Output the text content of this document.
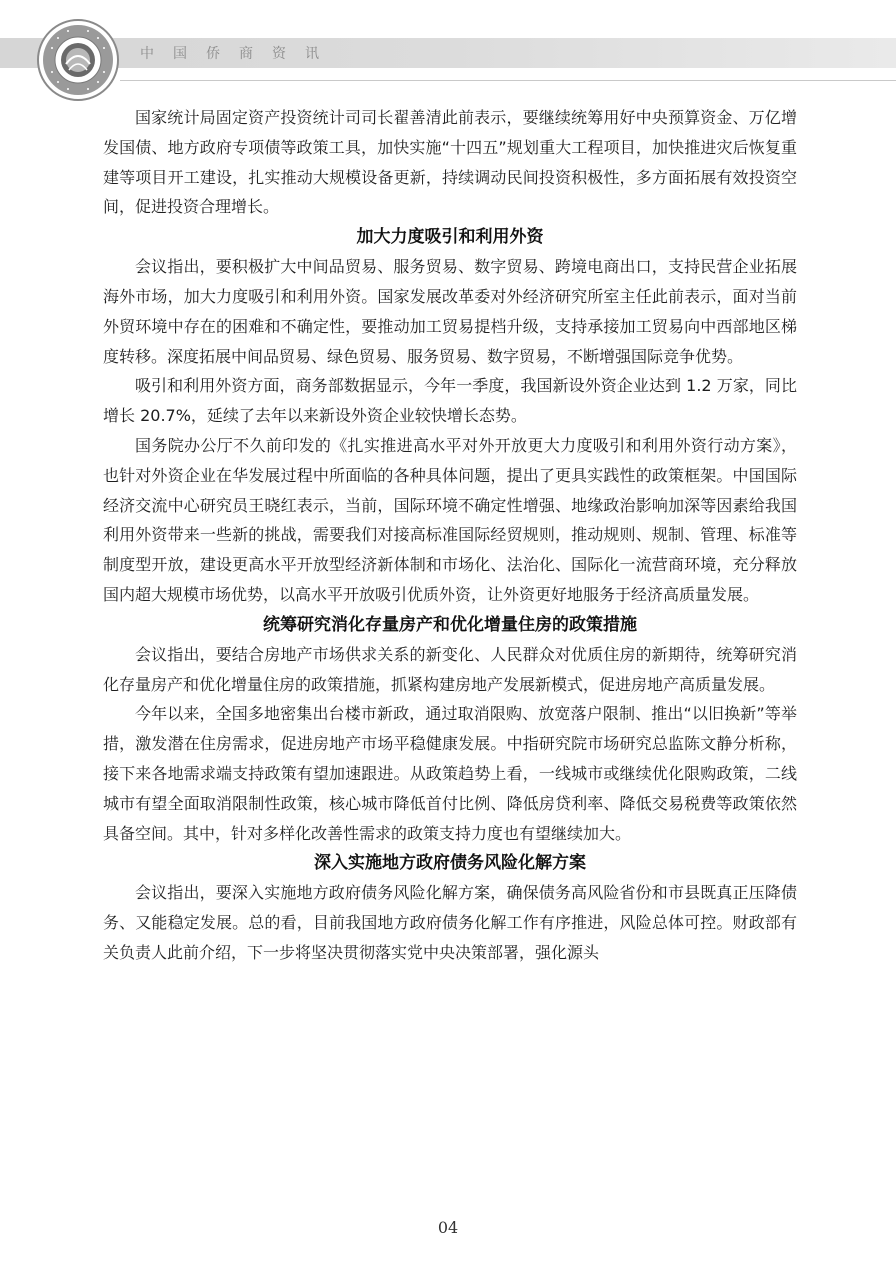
中国侨商资讯

国家统计局固定资产投资统计司司长翟善清此前表示，要继续统筹用好中央预算资金、万亿增发国债、地方政府专项债等政策工具，加快实施“十四五”规划重大工程项目，加快推进灾后恢复重建等项目开工建设，扎实推动大规模设备更新，持续调动民间投资积极性，多方面拓展有效投资空间，促进投资合理增长。

加大力度吸引和利用外资

会议指出，要积极扩大中间品贸易、服务贸易、数字贸易、跨境电商出口，支持民营企业拓展海外市场，加大力度吸引和利用外资。国家发展改革委对外经济研究所室主任此前表示，面对当前外贸环境中存在的困难和不确定性，要推动加工贸易提档升级，支持承接加工贸易向中西部地区梯度转移。深度拓展中间品贸易、绿色贸易、服务贸易、数字贸易，不断增强国际竞争优势。

吸引和利用外资方面，商务部数据显示，今年一季度，我国新设外资企业达到 1.2 万家，同比增长 20.7%，延续了去年以来新设外资企业较快增长态势。

国务院办公厅不久前印发的《扎实推进高水平对外开放更大力度吸引和利用外资行动方案》，也针对外资企业在华发展过程中所面临的各种具体问题，提出了更具实践性的政策框架。中国国际经济交流中心研究员王晓红表示，当前，国际环境不确定性增强、地缘政治影响加深等因素给我国利用外资带来一些新的挑战，需要我们对接高标准国际经贸规则，推动规则、规制、管理、标准等制度型开放，建设更高水平开放型经济新体制和市场化、法治化、国际化一流营商环境，充分释放国内超大规模市场优势，以高水平开放吸引优质外资，让外资更好地服务于经济高质量发展。

统筹研究消化存量房产和优化增量住房的政策措施

会议指出，要结合房地产市场供求关系的新变化、人民群众对优质住房的新期待，统筹研究消化存量房产和优化增量住房的政策措施，抓紧构建房地产发展新模式，促进房地产高质量发展。

今年以来，全国多地密集出台楼市新政，通过取消限购、放宽落户限制、推出“以旧换新”等举措，激发潜在住房需求，促进房地产市场平稳健康发展。中指研究院市场研究总监陈文静分析称，接下来各地需求端支持政策有望加速跟进。从政策趋势上看，一线城市或继续优化限购政策，二线城市有望全面取消限制性政策，核心城市降低首付比例、降低房贷利率、降低交易税费等政策依然具备空间。其中，针对多样化改善性需求的政策支持力度也有望继续加大。

深入实施地方政府债务风险化解方案

会议指出，要深入实施地方政府债务风险化解方案，确保债务高风险省份和市县既真正压降债务、又能稳定发展。总的看，目前我国地方政府债务化解工作有序推进，风险总体可控。财政部有关负责人此前介绍，下一步将坚决贯彻落实党中央决策部署，强化源头

04
